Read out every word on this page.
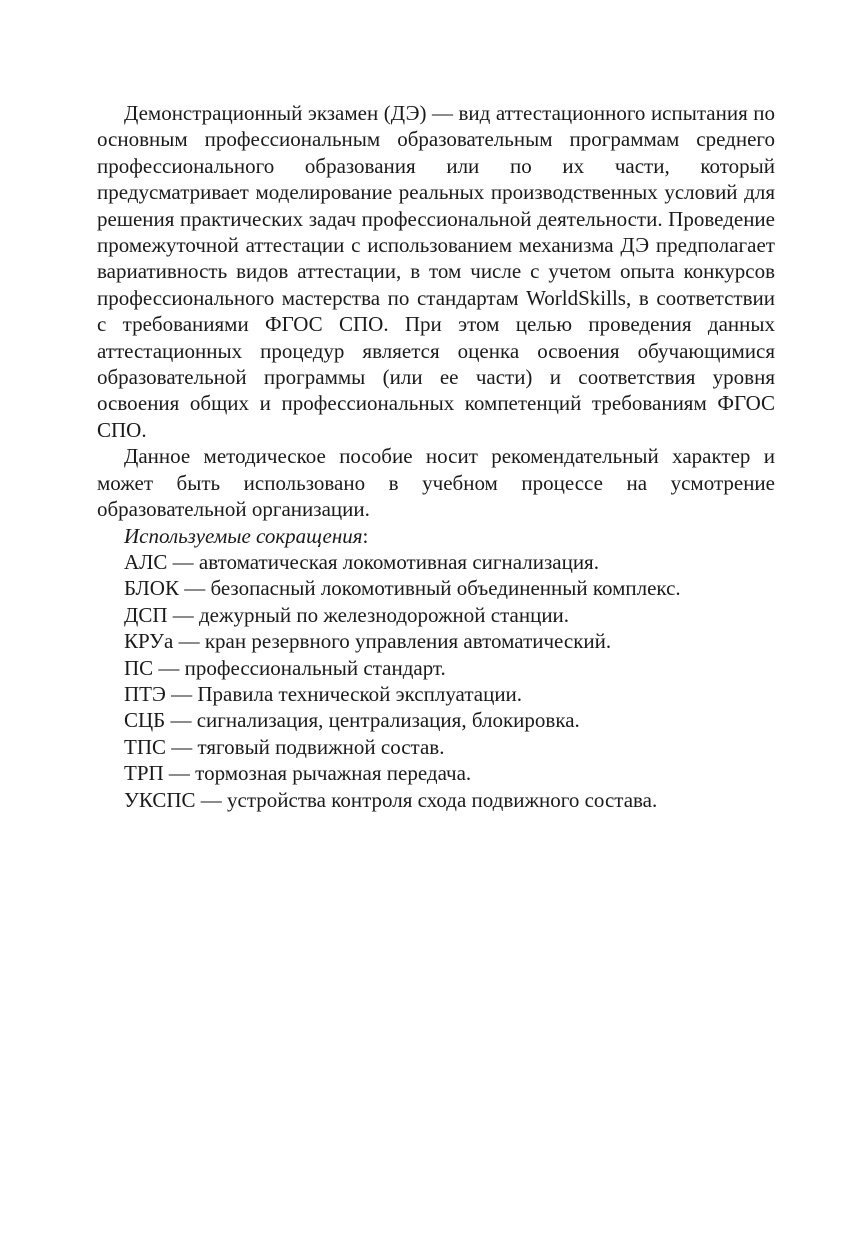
Демонстрационный экзамен (ДЭ) — вид аттестационного испытания по основным профессиональным образовательным программам среднего профессионального образования или по их части, который предусматривает моделирование реальных производственных условий для решения практических задач профессиональной деятельности. Проведение промежуточной аттестации с использованием механизма ДЭ предполагает вариативность видов аттестации, в том числе с учетом опыта конкурсов профессионального мастерства по стандартам WorldSkills, в соответствии с требованиями ФГОС СПО. При этом целью проведения данных аттестационных процедур является оценка освоения обучающимися образовательной программы (или ее части) и соответствия уровня освоения общих и профессиональных компетенций требованиям ФГОС СПО.

Данное методическое пособие носит рекомендательный характер и может быть использовано в учебном процессе на усмотрение образовательной организации.

Используемые сокращения:

АЛС — автоматическая локомотивная сигнализация.
БЛОК — безопасный локомотивный объединенный комплекс.
ДСП — дежурный по железнодорожной станции.
КРУа — кран резервного управления автоматический.
ПС — профессиональный стандарт.
ПТЭ — Правила технической эксплуатации.
СЦБ — сигнализация, централизация, блокировка.
ТПС — тяговый подвижной состав.
ТРП — тормозная рычажная передача.
УКСПС — устройства контроля схода подвижного состава.
